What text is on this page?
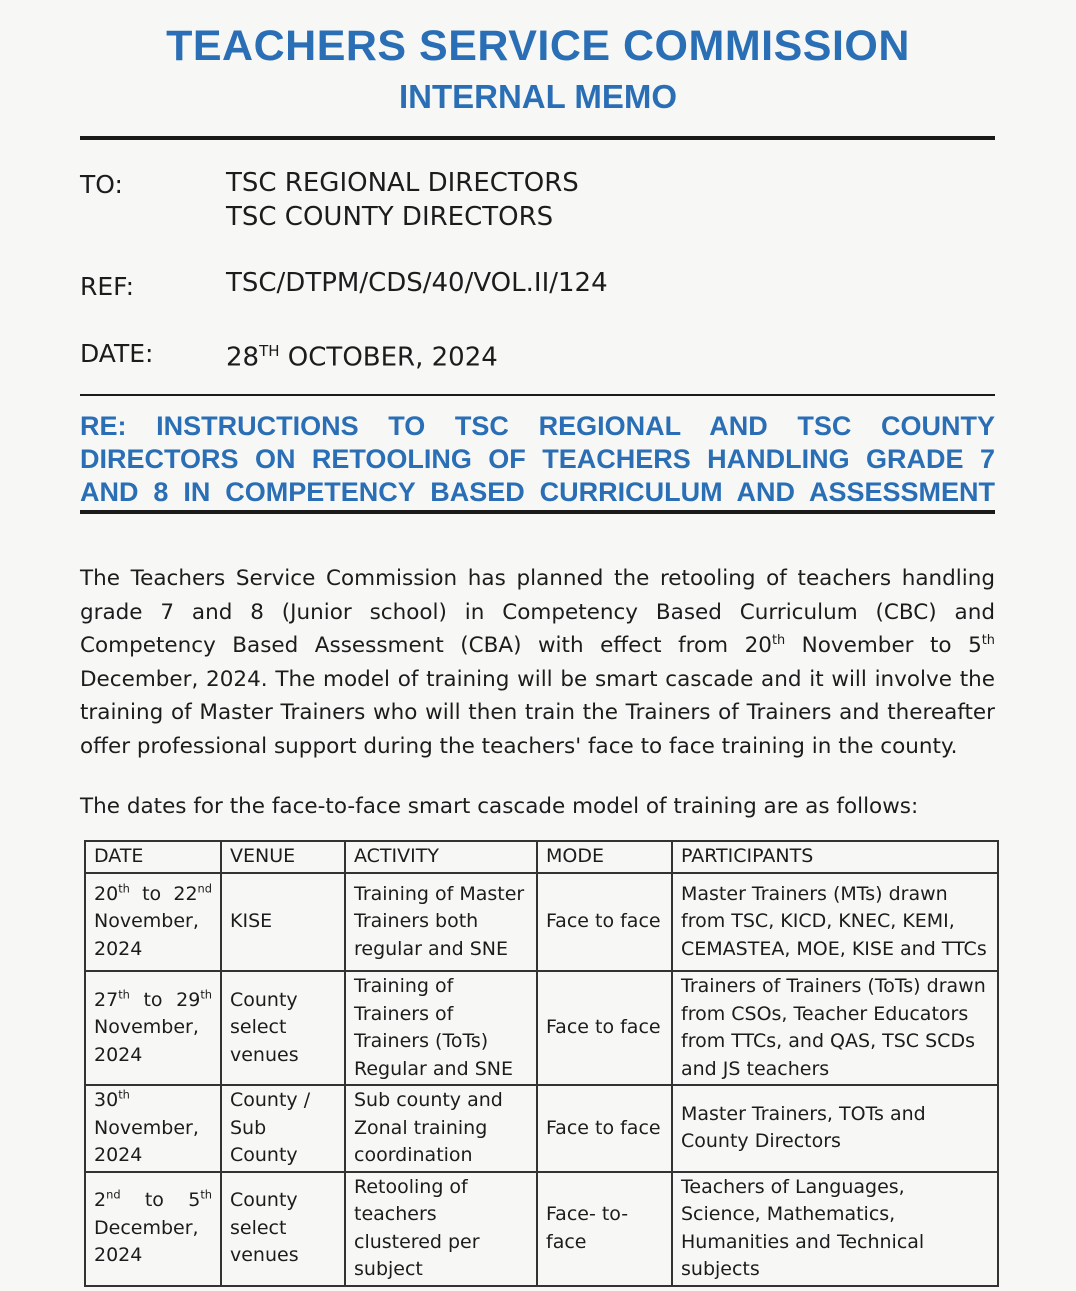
TEACHERS SERVICE COMMISSION
INTERNAL MEMO
TO:	TSC REGIONAL DIRECTORS
TSC COUNTY DIRECTORS
REF:	TSC/DTPM/CDS/40/VOL.II/124
DATE:	28TH OCTOBER, 2024
RE: INSTRUCTIONS TO TSC REGIONAL AND TSC COUNTY
DIRECTORS ON RETOOLING OF TEACHERS HANDLING GRADE 7
AND 8 IN COMPETENCY BASED CURRICULUM AND ASSESSMENT
The Teachers Service Commission has planned the retooling of teachers handling grade 7 and 8 (Junior school) in Competency Based Curriculum (CBC) and Competency Based Assessment (CBA) with effect from 20th November to 5th December, 2024. The model of training will be smart cascade and it will involve the training of Master Trainers who will then train the Trainers of Trainers and thereafter offer professional support during the teachers' face to face training in the county.
The dates for the face-to-face smart cascade model of training are as follows:
DATE	VENUE	ACTIVITY	MODE	PARTICIPANTS

20th to 22nd
November,
2024	KISE	Training of Master Trainers both regular and SNE	Face to face	Master Trainers (MTs) drawn from TSC, KICD, KNEC, KEMI, CEMASTEA, MOE, KISE and TTCs

27th to 29th
November,
2024	County select venues	Training of Trainers of Trainers (ToTs) Regular and SNE	Face to face	Trainers of Trainers (ToTs) drawn from CSOs, Teacher Educators from TTCs, and QAS, TSC SCDs and JS teachers

30th
November,
2024	County / Sub County	Sub county and Zonal training coordination	Face to face	Master Trainers, TOTs and County Directors

2nd to 5th
December,
2024	County select venues	Retooling of teachers clustered per subject	Face- to- face	Teachers of Languages, Science, Mathematics, Humanities and Technical subjects
